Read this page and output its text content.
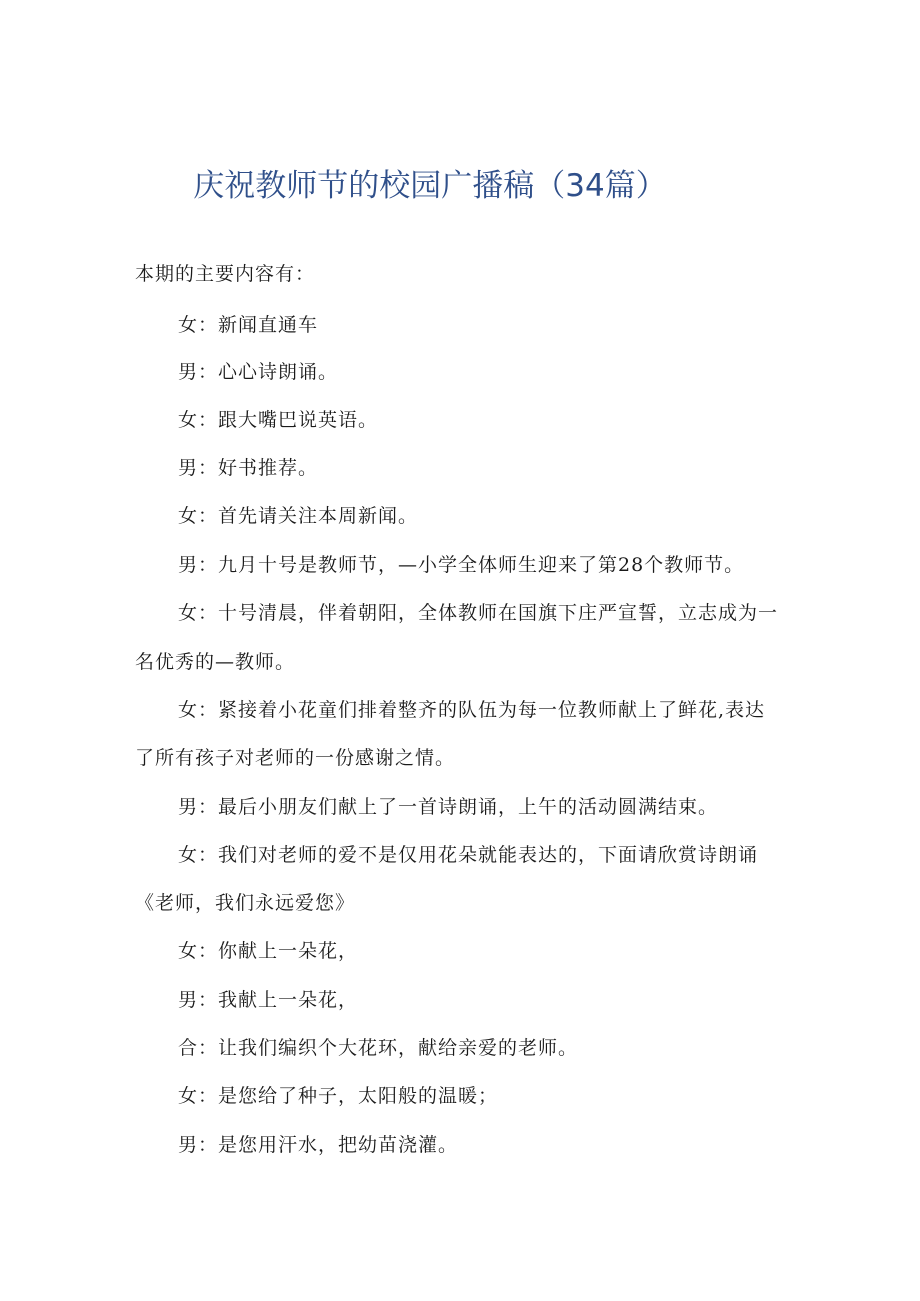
庆祝教师节的校园广播稿（34篇）
本期的主要内容有：
女：新闻直通车
男：心心诗朗诵。
女：跟大嘴巴说英语。
男：好书推荐。
女：首先请关注本周新闻。
男：九月十号是教师节，—小学全体师生迎来了第28个教师节。
女：十号清晨，伴着朝阳，全体教师在国旗下庄严宣誓，立志成为一
名优秀的—教师。
女：紧接着小花童们排着整齐的队伍为每一位教师献上了鲜花,表达
了所有孩子对老师的一份感谢之情。
男：最后小朋友们献上了一首诗朗诵，上午的活动圆满结束。
女：我们对老师的爱不是仅用花朵就能表达的，下面请欣赏诗朗诵
《老师，我们永远爱您》
女：你献上一朵花，
男：我献上一朵花，
合：让我们编织个大花环，献给亲爱的老师。
女：是您给了种子，太阳般的温暖；
男：是您用汗水，把幼苗浇灌。
